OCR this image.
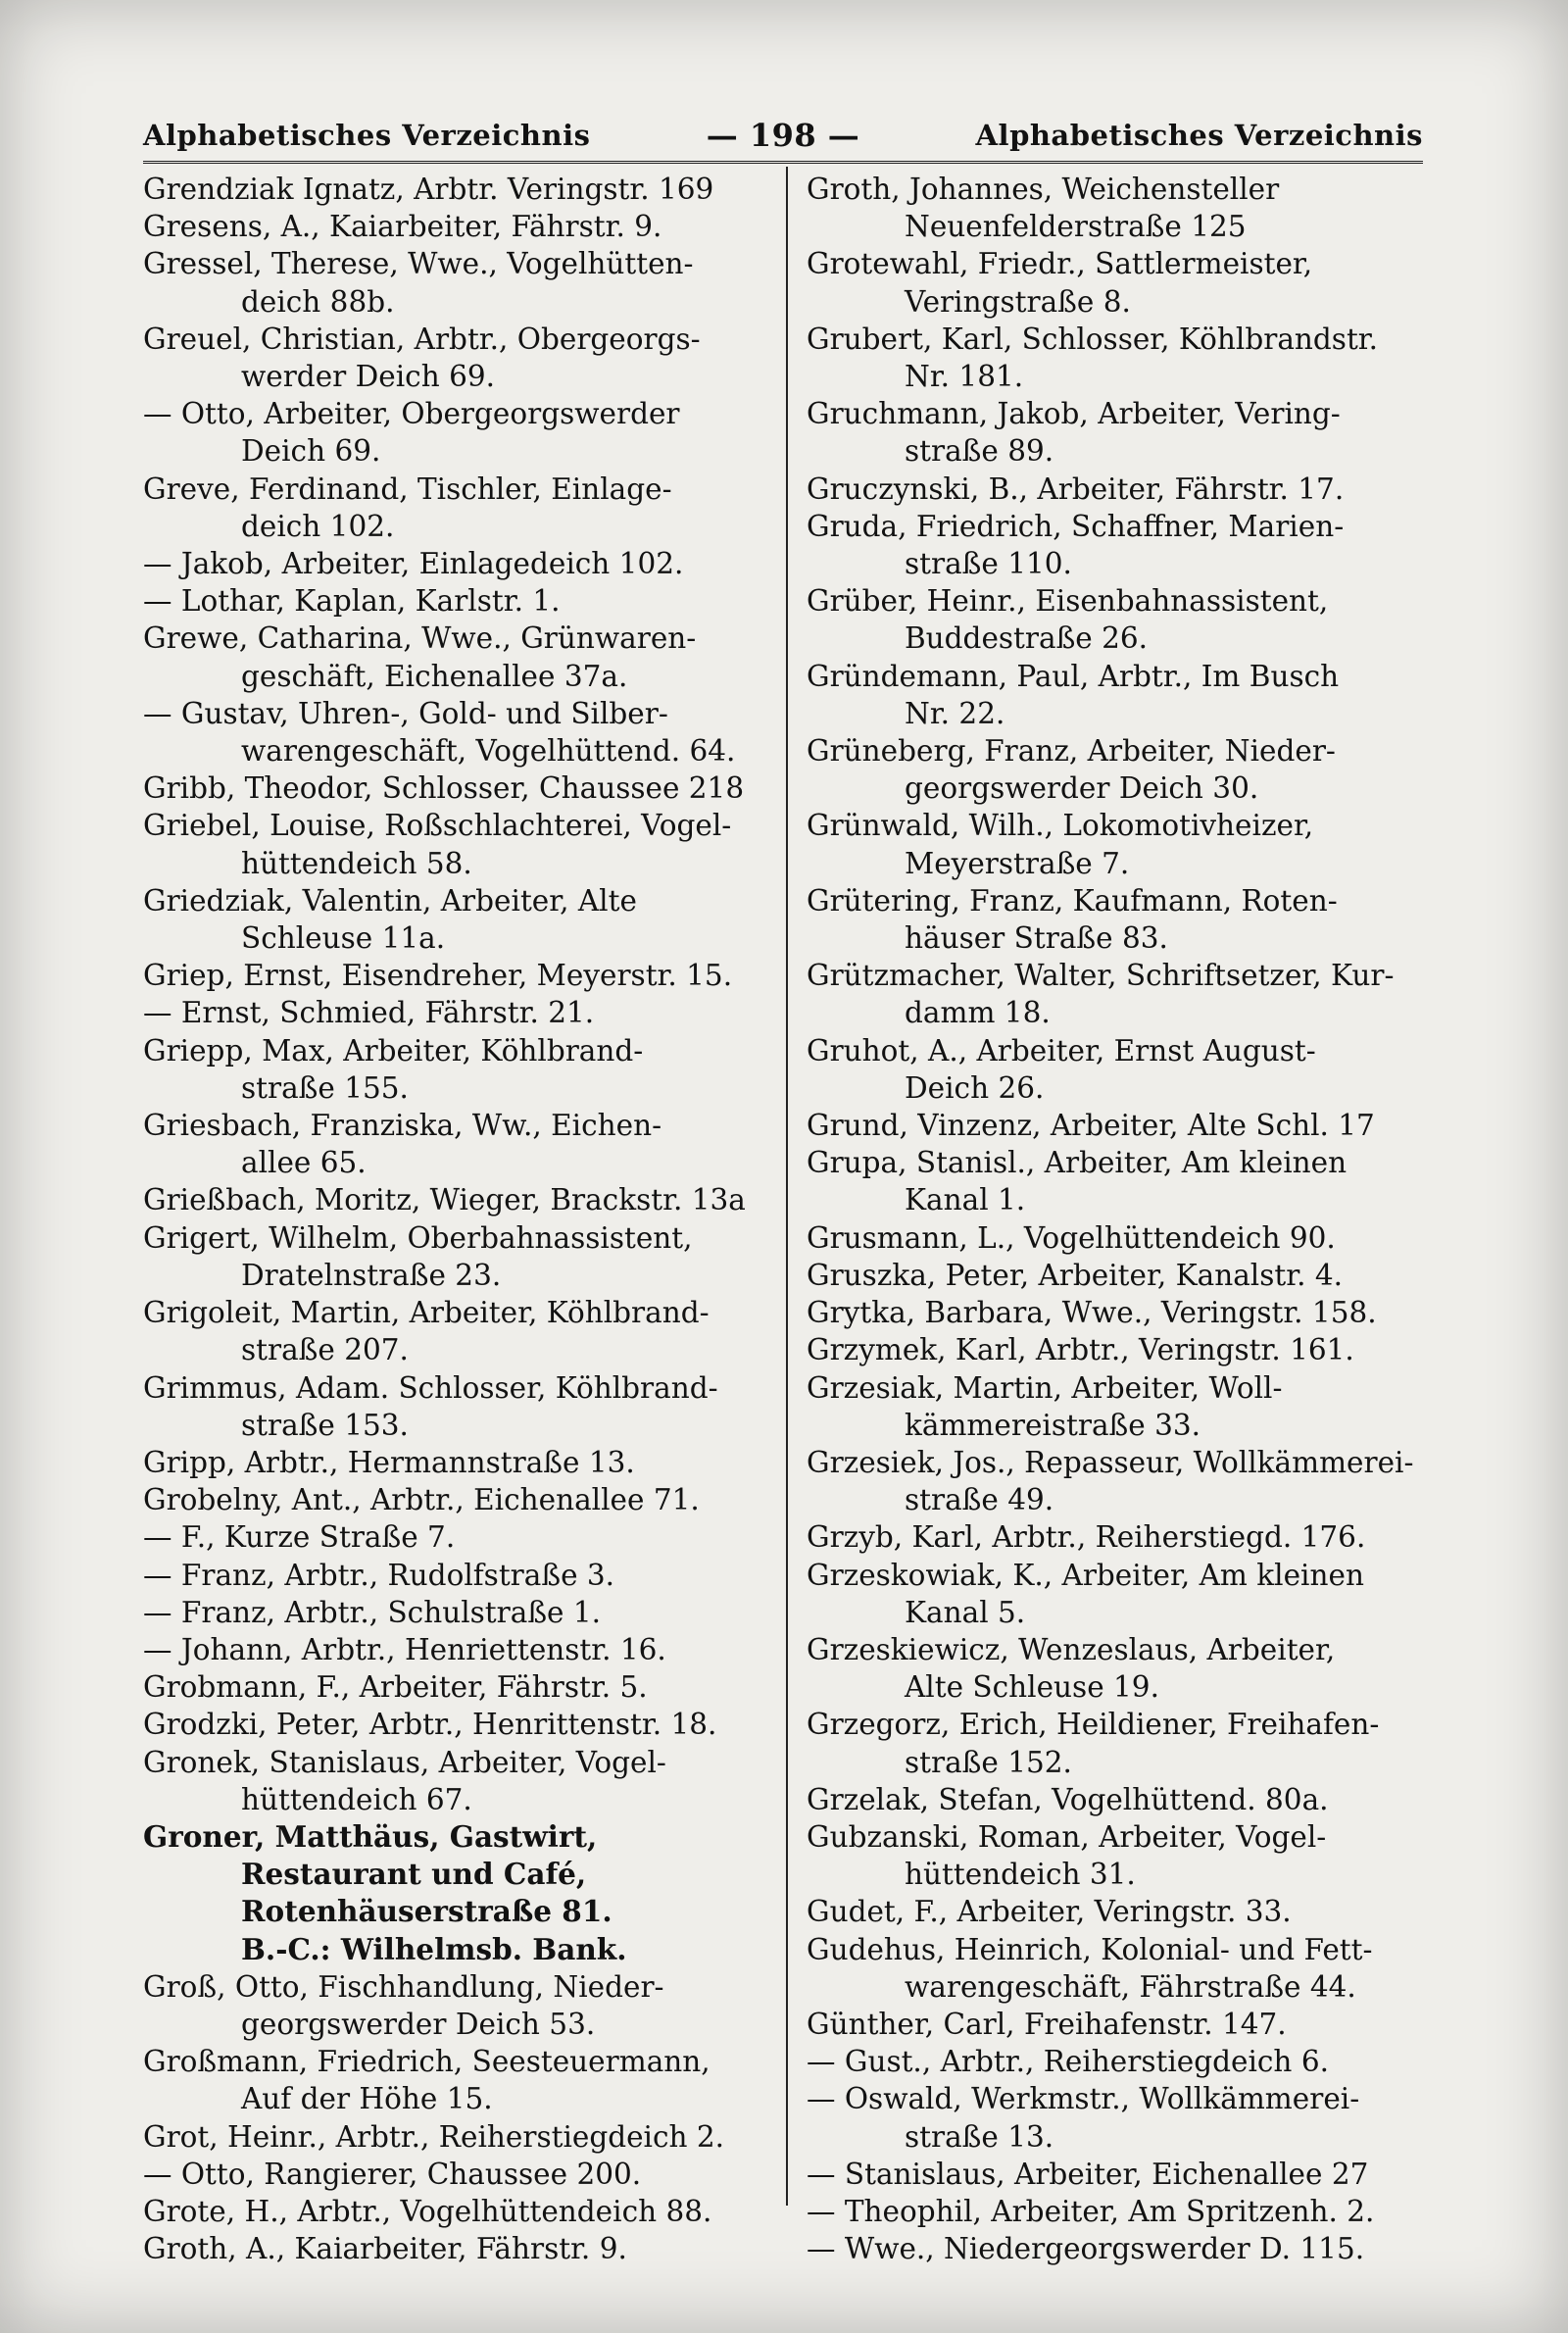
Alphabetisches Verzeichnis	— 198 —	Alphabetisches Verzeichnis
Grendziak Ignatz, Arbtr. Veringstr. 169
Gresens, A., Kaiarbeiter, Fährstr. 9.
Gressel, Therese, Wwe., Vogelhütten-
deich 88b.
Greuel, Christian, Arbtr., Obergeorgs-
werder Deich 69.
— Otto, Arbeiter, Obergeorgswerder
Deich 69.
Greve, Ferdinand, Tischler, Einlage-
deich 102.
— Jakob, Arbeiter, Einlagedeich 102.
— Lothar, Kaplan, Karlstr. 1.
Grewe, Catharina, Wwe., Grünwaren-
geschäft, Eichenallee 37a.
— Gustav, Uhren-, Gold- und Silber-
warengeschäft, Vogelhüttend. 64.
Gribb, Theodor, Schlosser, Chaussee 218
Griebel, Louise, Roßschlachterei, Vogel-
hüttendeich 58.
Griedziak, Valentin, Arbeiter, Alte
Schleuse 11a.
Griep, Ernst, Eisendreher, Meyerstr. 15.
— Ernst, Schmied, Fährstr. 21.
Griepp, Max, Arbeiter, Köhlbrand-
straße 155.
Griesbach, Franziska, Ww., Eichen-
allee 65.
Grießbach, Moritz, Wieger, Brackstr. 13a
Grigert, Wilhelm, Oberbahnassistent,
Dratelnstraße 23.
Grigoleit, Martin, Arbeiter, Köhlbrand-
straße 207.
Grimmus, Adam. Schlosser, Köhlbrand-
straße 153.
Gripp, Arbtr., Hermannstraße 13.
Grobelny, Ant., Arbtr., Eichenallee 71.
— F., Kurze Straße 7.
— Franz, Arbtr., Rudolfstraße 3.
— Franz, Arbtr., Schulstraße 1.
— Johann, Arbtr., Henriettenstr. 16.
Grobmann, F., Arbeiter, Fährstr. 5.
Grodzki, Peter, Arbtr., Henrittenstr. 18.
Gronek, Stanislaus, Arbeiter, Vogel-
hüttendeich 67.
Groner, Matthäus, Gastwirt,
Restaurant und Café,
Rotenhäuserstraße 81.
B.-C.: Wilhelmsb. Bank.
Groß, Otto, Fischhandlung, Nieder-
georgswerder Deich 53.
Großmann, Friedrich, Seesteuermann,
Auf der Höhe 15.
Grot, Heinr., Arbtr., Reiherstiegdeich 2.
— Otto, Rangierer, Chaussee 200.
Grote, H., Arbtr., Vogelhüttendeich 88.
Groth, A., Kaiarbeiter, Fährstr. 9.
Groth, Johannes, Weichensteller
Neuenfelderstraße 125
Grotewahl, Friedr., Sattlermeister,
Veringstraße 8.
Grubert, Karl, Schlosser, Köhlbrandstr.
Nr. 181.
Gruchmann, Jakob, Arbeiter, Vering-
straße 89.
Gruczynski, B., Arbeiter, Fährstr. 17.
Gruda, Friedrich, Schaffner, Marien-
straße 110.
Grüber, Heinr., Eisenbahnassistent,
Buddestraße 26.
Gründemann, Paul, Arbtr., Im Busch
Nr. 22.
Grüneberg, Franz, Arbeiter, Nieder-
georgswerder Deich 30.
Grünwald, Wilh., Lokomotivheizer,
Meyerstraße 7.
Grütering, Franz, Kaufmann, Roten-
häuser Straße 83.
Grützmacher, Walter, Schriftsetzer, Kur-
damm 18.
Gruhot, A., Arbeiter, Ernst August-
Deich 26.
Grund, Vinzenz, Arbeiter, Alte Schl. 17
Grupa, Stanisl., Arbeiter, Am kleinen
Kanal 1.
Grusmann, L., Vogelhüttendeich 90.
Gruszka, Peter, Arbeiter, Kanalstr. 4.
Grytka, Barbara, Wwe., Veringstr. 158.
Grzymek, Karl, Arbtr., Veringstr. 161.
Grzesiak, Martin, Arbeiter, Woll-
kämmereistraße 33.
Grzesiek, Jos., Repasseur, Wollkämmerei-
straße 49.
Grzyb, Karl, Arbtr., Reiherstiegd. 176.
Grzeskowiak, K., Arbeiter, Am kleinen
Kanal 5.
Grzeskiewicz, Wenzeslaus, Arbeiter,
Alte Schleuse 19.
Grzegorz, Erich, Heildiener, Freihafen-
straße 152.
Grzelak, Stefan, Vogelhüttend. 80a.
Gubzanski, Roman, Arbeiter, Vogel-
hüttendeich 31.
Gudet, F., Arbeiter, Veringstr. 33.
Gudehus, Heinrich, Kolonial- und Fett-
warengeschäft, Fährstraße 44.
Günther, Carl, Freihafenstr. 147.
— Gust., Arbtr., Reiherstiegdeich 6.
— Oswald, Werkmstr., Wollkämmerei-
straße 13.
— Stanislaus, Arbeiter, Eichenallee 27
— Theophil, Arbeiter, Am Spritzenh. 2.
— Wwe., Niedergeorgswerder D. 115.
